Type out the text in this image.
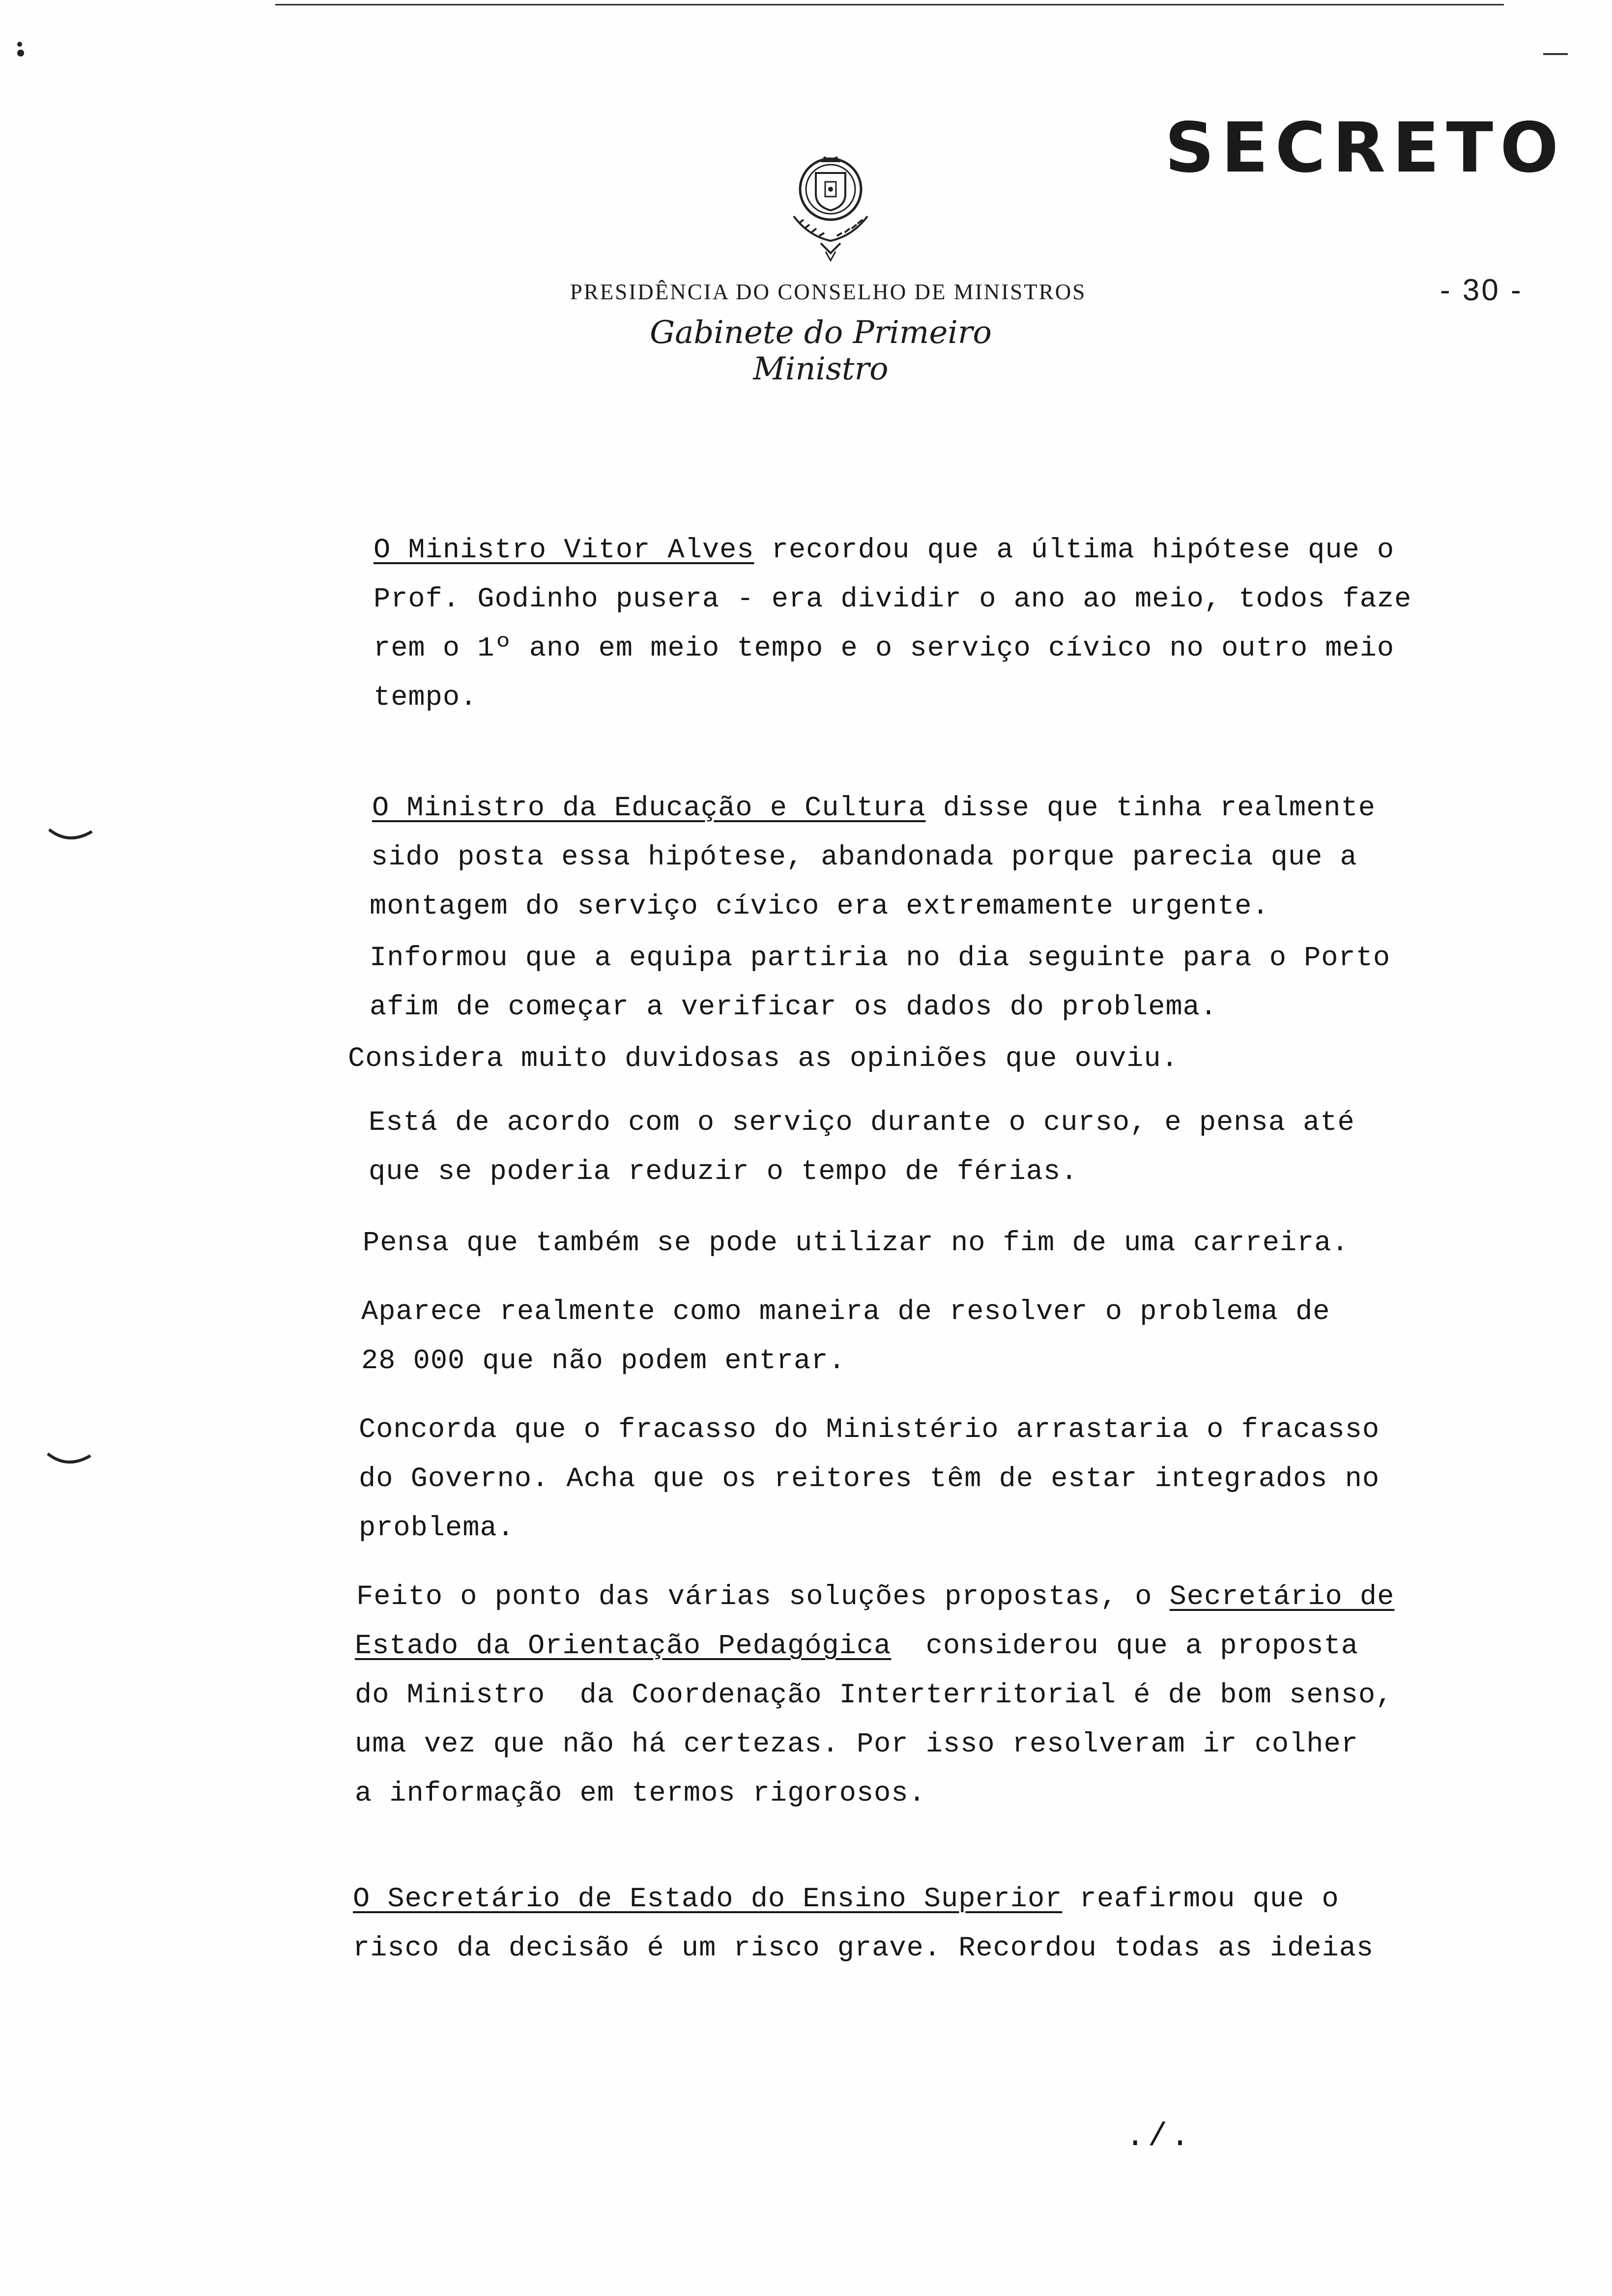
SECRETO
PRESIDÊNCIA DO CONSELHO DE MINISTROS
Gabinete do Primeiro Ministro
- 30 -
O Ministro Vitor Alves recordou que a última hipótese que o
Prof. Godinho pusera - era dividir o ano ao meio, todos faze
rem o 1º ano em meio tempo e o serviço cívico no outro meio
tempo.
O Ministro da Educação e Cultura disse que tinha realmente
sido posta essa hipótese, abandonada porque parecia que a
montagem do serviço cívico era extremamente urgente.
Informou que a equipa partiria no dia seguinte para o Porto
afim de começar a verificar os dados do problema.
Considera muito duvidosas as opiniões que ouviu.
Está de acordo com o serviço durante o curso, e pensa até
que se poderia reduzir o tempo de férias.
Pensa que também se pode utilizar no fim de uma carreira.
Aparece realmente como maneira de resolver o problema de
28 000 que não podem entrar.
Concorda que o fracasso do Ministério arrastaria o fracasso
do Governo. Acha que os reitores têm de estar integrados no
problema.
Feito o ponto das várias soluções propostas, o Secretário de
Estado da Orientação Pedagógica  considerou que a proposta
do Ministro  da Coordenação Interterritorial é de bom senso,
uma vez que não há certezas. Por isso resolveram ir colher
a informação em termos rigorosos.
O Secretário de Estado do Ensino Superior reafirmou que o
risco da decisão é um risco grave. Recordou todas as ideias
./.
